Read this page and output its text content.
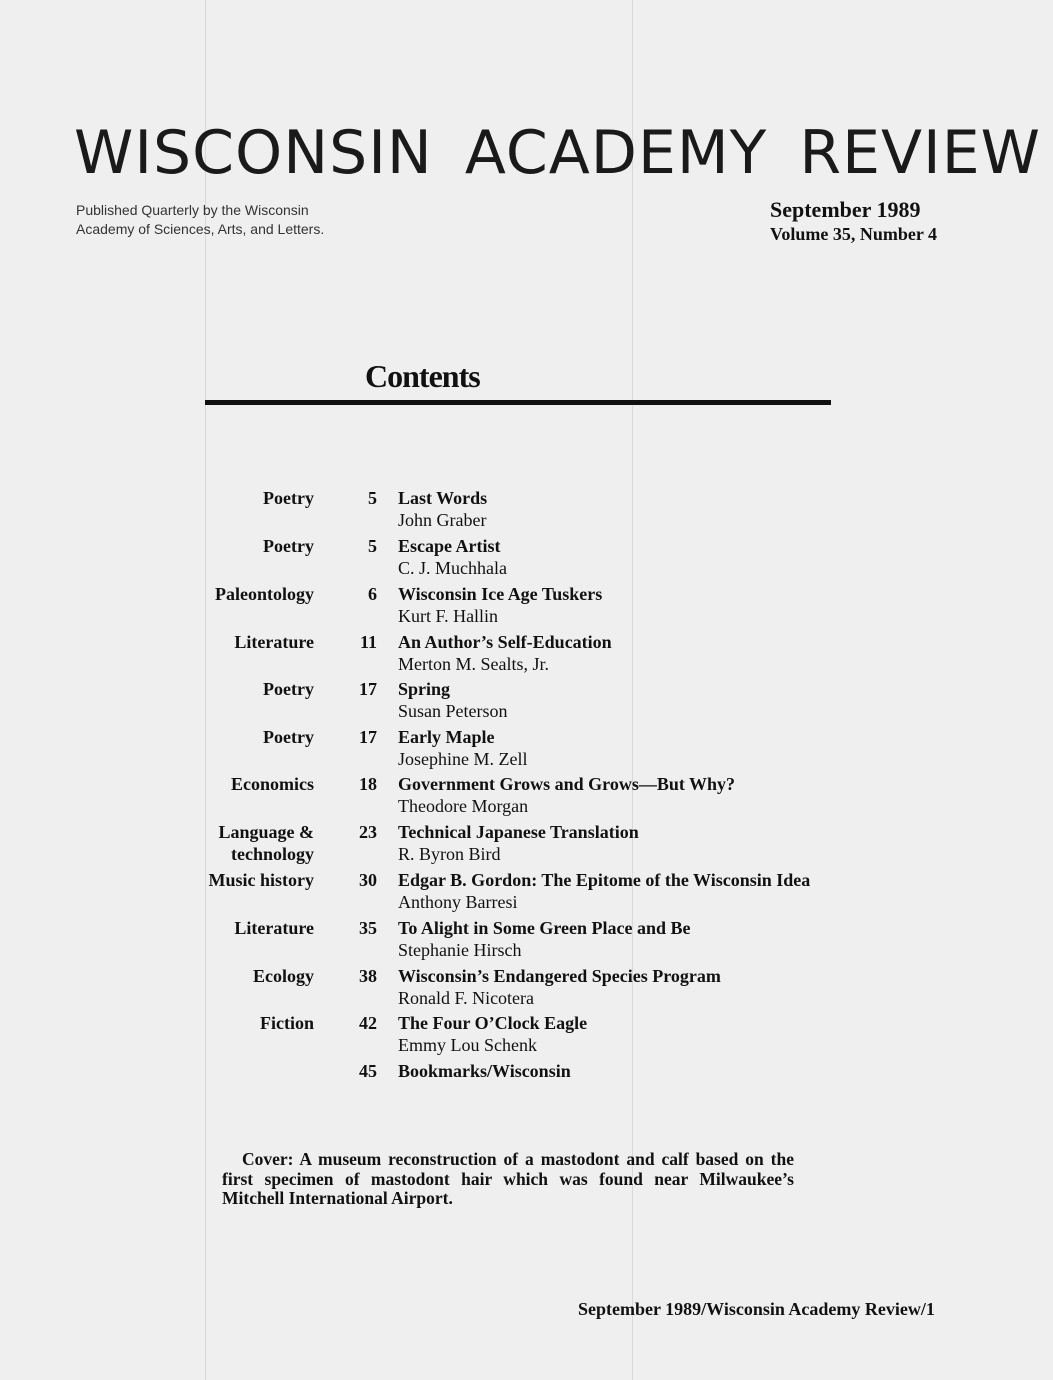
WISCONSIN ACADEMY REVIEW
Published Quarterly by the Wisconsin
Academy of Sciences, Arts, and Letters.
September 1989
Volume 35, Number 4
Contents
Poetry	5 Last Words
John Graber
Poetry	5 Escape Artist
C. J. Muchhala
Paleontology	6 Wisconsin Ice Age Tuskers
Kurt F. Hallin
Literature	11 An Author’s Self-Education
Merton M. Sealts, Jr.
Poetry	17 Spring
Susan Peterson
Poetry	17 Early Maple
Josephine M. Zell
Economics	18 Government Grows and Grows—But Why?
Theodore Morgan
Language &
technology
23 Technical Japanese Translation
R. Byron Bird
Music history	30 Edgar B. Gordon: The Epitome of the Wisconsin Idea
Anthony Barresi
Literature	35 To Alight in Some Green Place and Be
Stephanie Hirsch
Ecology	38 Wisconsin’s Endangered Species Program
Ronald F. Nicotera
Fiction	42 The Four O’Clock Eagle
Emmy Lou Schenk
45 Bookmarks/Wisconsin
Cover: A museum reconstruction of a mastodont and calf based on the first specimen of mastodont hair which was found near Milwaukee’s Mitchell International Airport.
September 1989/Wisconsin Academy Review/1
